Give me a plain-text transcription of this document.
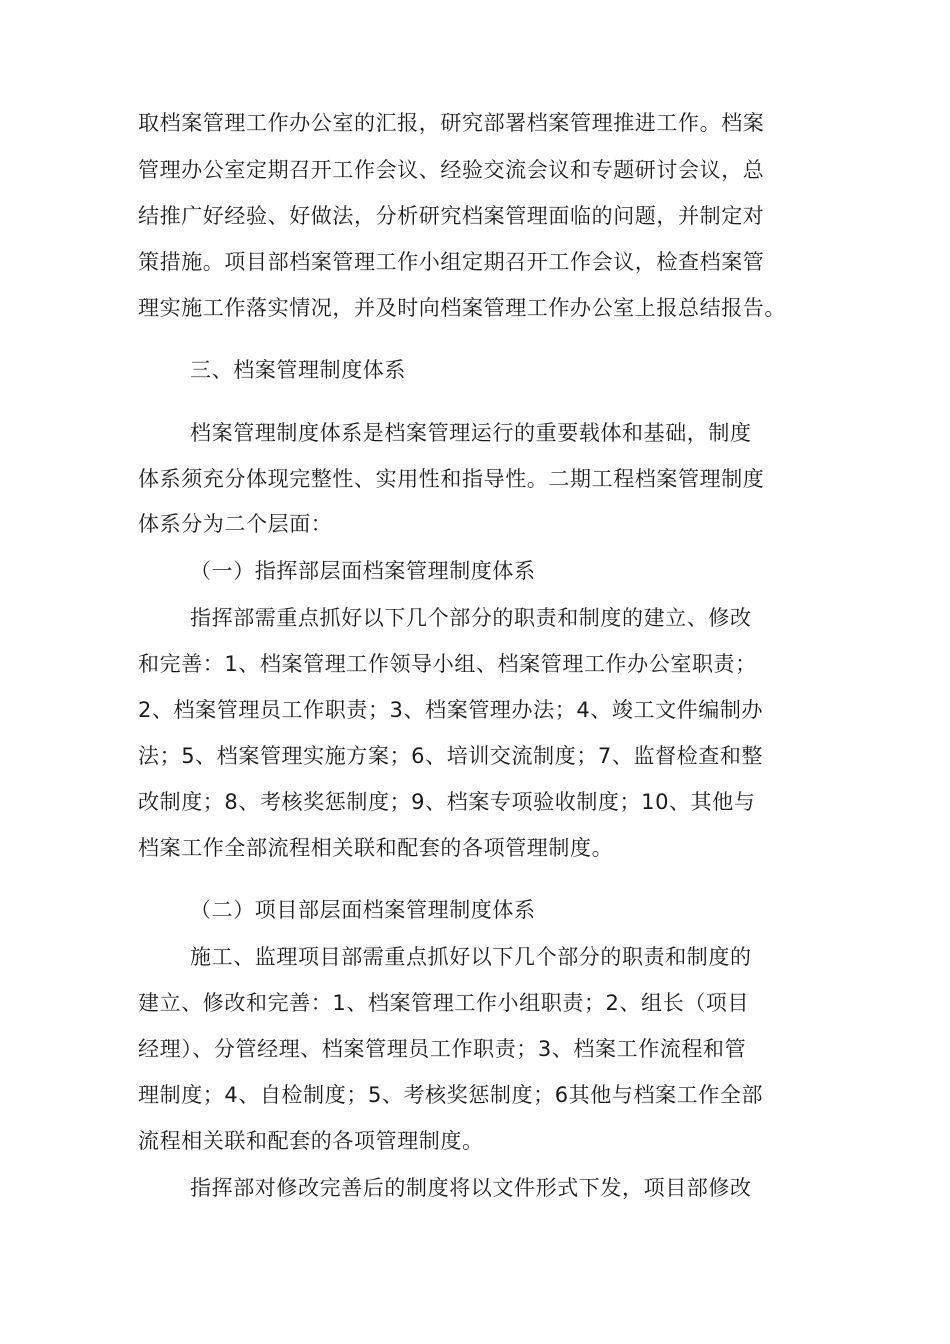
取档案管理工作办公室的汇报，研究部署档案管理推进工作。档案
管理办公室定期召开工作会议、经验交流会议和专题研讨会议，总
结推广好经验、好做法，分析研究档案管理面临的问题，并制定对
策措施。项目部档案管理工作小组定期召开工作会议，检查档案管
理实施工作落实情况，并及时向档案管理工作办公室上报总结报告。
三、档案管理制度体系
档案管理制度体系是档案管理运行的重要载体和基础，制度
体系须充分体现完整性、实用性和指导性。二期工程档案管理制度
体系分为二个层面：
（一）指挥部层面档案管理制度体系
指挥部需重点抓好以下几个部分的职责和制度的建立、修改
和完善：1、档案管理工作领导小组、档案管理工作办公室职责；
2、档案管理员工作职责；3、档案管理办法；4、竣工文件编制办
法；5、档案管理实施方案；6、培训交流制度；7、监督检查和整
改制度；8、考核奖惩制度；9、档案专项验收制度；10、其他与
档案工作全部流程相关联和配套的各项管理制度。
（二）项目部层面档案管理制度体系
施工、监理项目部需重点抓好以下几个部分的职责和制度的
建立、修改和完善：1、档案管理工作小组职责；2、组长（项目
经理）、分管经理、档案管理员工作职责；3、档案工作流程和管
理制度；4、自检制度；5、考核奖惩制度；6其他与档案工作全部
流程相关联和配套的各项管理制度。
指挥部对修改完善后的制度将以文件形式下发，项目部修改
